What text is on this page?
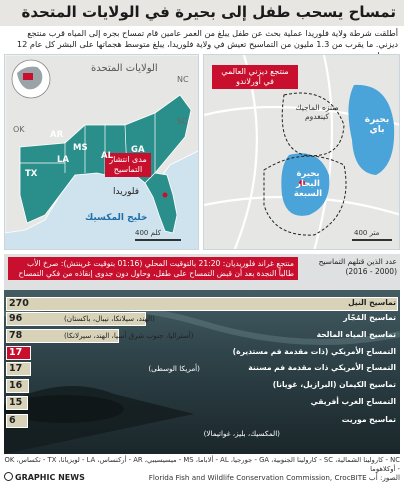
تمساح يسحب طفل إلى بحيرة في الولايات المتحدة
أطلقت شرطة ولاية فلوريدا عملية بحث عن طفل يبلغ من العمر عامين قام تمساح بجره إلى المياه قرب منتجع ديزني. ما يقرب من 1.3 مليون من التماسيح تعيش في ولاية فلوريدا، يبلغ متوسط هجماتها على البشر كل عام 12
الولايات المتحدة
مدى انتشار التماسيح
OK
AR
TX
LA
MS
AL
GA
SC
NC
فلوريدا
خليج المكسيك
400 كلم
منتجع ديزني العالمي في أورلاندو
منتزه الماجيك كينغدوم	بحيرة باي
بحيرة البحار السبعة
400 متر
عدد الذين قتلهم التماسيح (2000 - 2016)
منتجع غراند فلوريديان: 21:20 بالتوقيت المحلي (01:16 بتوقيت غرينتش): صرخ الأب طالباً النجدة بعد أن قبض التمساح على طفل، وحاول دون جدوى إنقاذه من فكي التمساح
270	تماسيح النيل
96	تماسيح المُجّار
(الهند، سيلانكا، نيبال، باكستان)
78	تماسيح المياه المالحة
(أستراليا، جنوب شرق آسيا، الهند، سيرلانكا)
17	التمساح الأمريكي (ذات مقدمة فم مستديرة)
17	التمساح الأمريكي ذات مقدمة فم مسننة
(أمريكا الوسطى)
16	تماسيح الكيمان (البرازيل، غويانا)
15	التمساح الغرب أفريقي
6	تماسيح موريت
(المكسيك، بليز، غواتيمالا)
NC - كارولينا الشمالية، SC - كارولينا الجنوبية، GA - جورجيا، AL - ألاباما، MS - ميسيسيبي، AR - أركنساس، LA - لويزيانا، TX - تكساس، OK - أوكلاهوما
GRAPHIC NEWS	الصور: أب Florida Fish and Wildlife Conservation Commission, CrocBITE
